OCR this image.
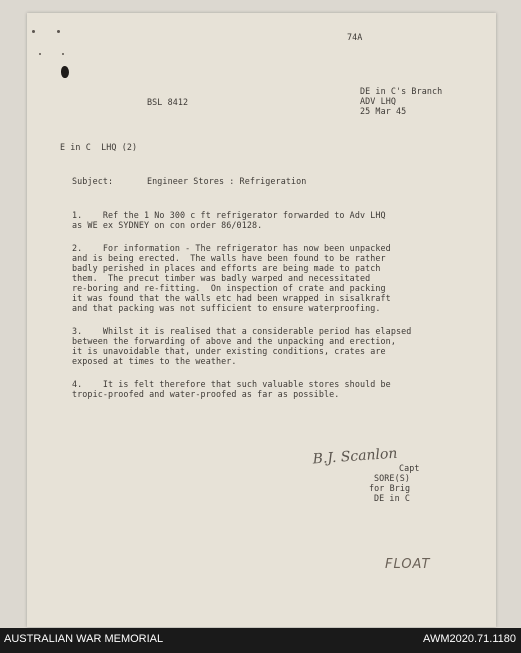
74A
BSL 8412
DE in C's Branch
ADV LHQ
25 Mar 45
E in C  LHQ (2)
Subject:	Engineer Stores : Refrigeration
1.    Ref the 1 No 300 c ft refrigerator forwarded to Adv LHQ
as WE ex SYDNEY on con order 86/0128.
2.    For information - The refrigerator has now been unpacked
and is being erected.  The walls have been found to be rather
badly perished in places and efforts are being made to patch
them.  The precut timber was badly warped and necessitated
re-boring and re-fitting.  On inspection of crate and packing
it was found that the walls etc had been wrapped in sisalkraft
and that packing was not sufficient to ensure waterproofing.
3.    Whilst it is realised that a considerable period has elapsed
between the forwarding of above and the unpacking and erection,
it is unavoidable that, under existing conditions, crates are
exposed at times to the weather.
4.    It is felt therefore that such valuable stores should be
tropic-proofed and water-proofed as far as possible.
B.J. Scanlon
Capt
SORE(S)
for Brig
DE in C
FLOAT
AUSTRALIAN WAR MEMORIAL	AWM2020.71.1180
